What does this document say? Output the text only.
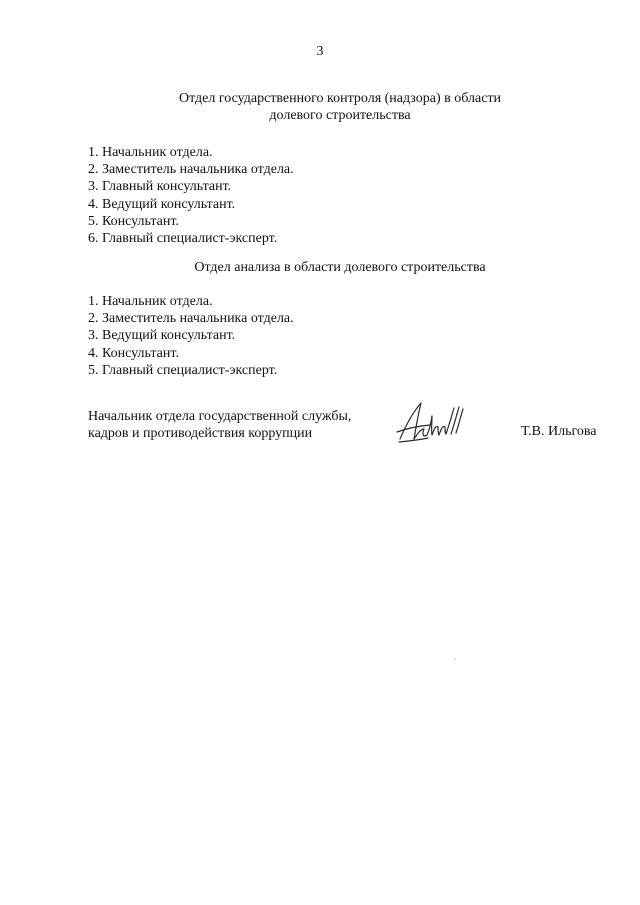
3
Отдел государственного контроля (надзора) в области
долевого строительства
1. Начальник отдела.
2. Заместитель начальника отдела.
3. Главный консультант.
4. Ведущий консультант.
5. Консультант.
6. Главный специалист-эксперт.
Отдел анализа в области долевого строительства
1. Начальник отдела.
2. Заместитель начальника отдела.
3. Ведущий консультант.
4. Консультант.
5. Главный специалист-эксперт.
Начальник отдела государственной службы,
кадров и противодействия коррупции	Т.В. Ильгова
